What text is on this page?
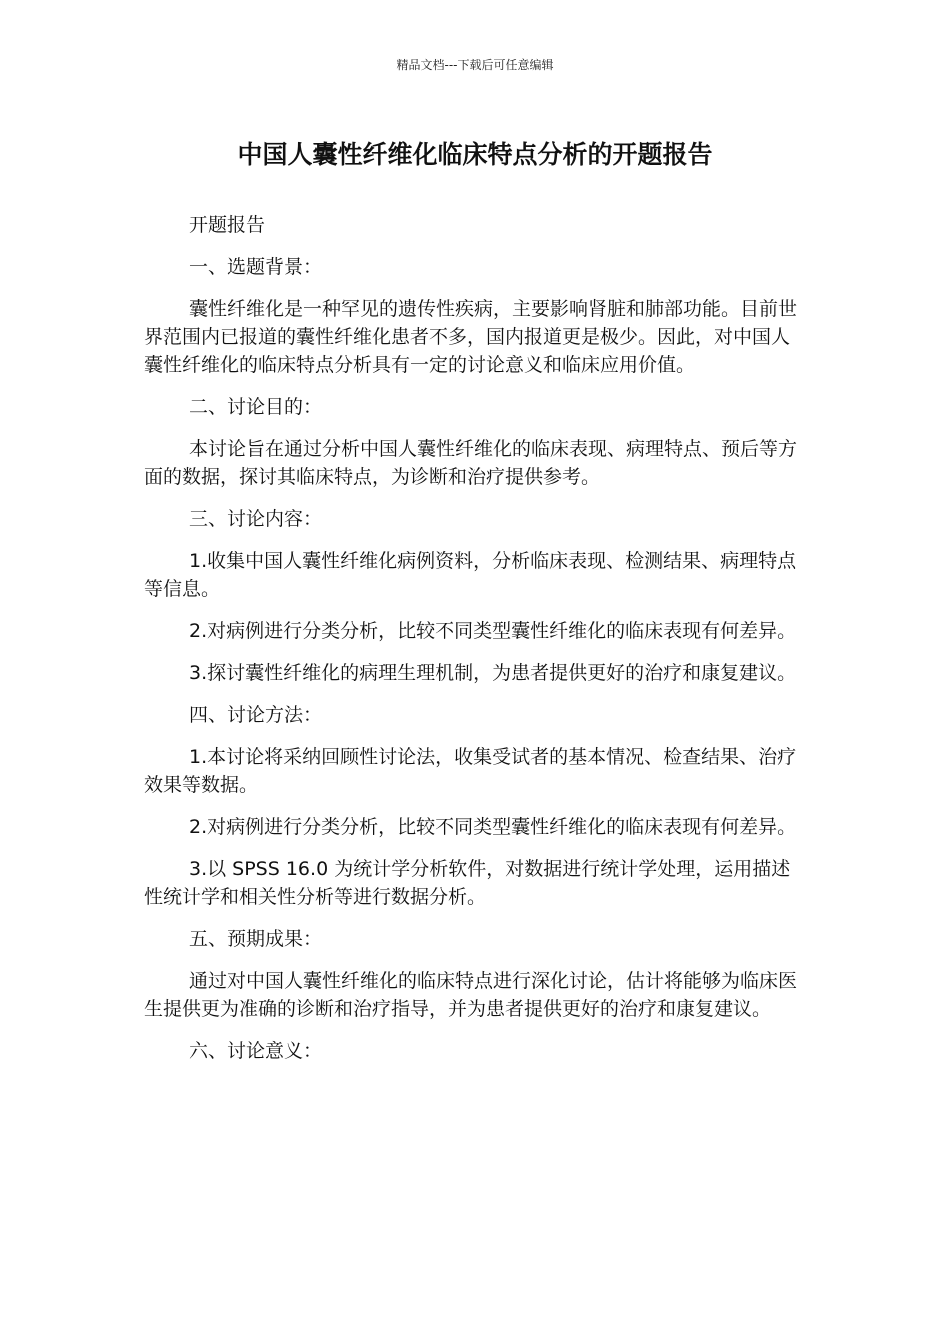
精品文档---下载后可任意编辑
中国人囊性纤维化临床特点分析的开题报告

开题报告

一、选题背景：

囊性纤维化是一种罕见的遗传性疾病，主要影响肾脏和肺部功能。目前世界范围内已报道的囊性纤维化患者不多，国内报道更是极少。因此，对中国人囊性纤维化的临床特点分析具有一定的讨论意义和临床应用价值。

二、讨论目的：

本讨论旨在通过分析中国人囊性纤维化的临床表现、病理特点、预后等方面的数据，探讨其临床特点，为诊断和治疗提供参考。

三、讨论内容：

1.收集中国人囊性纤维化病例资料，分析临床表现、检测结果、病理特点等信息。

2.对病例进行分类分析，比较不同类型囊性纤维化的临床表现有何差异。

3.探讨囊性纤维化的病理生理机制，为患者提供更好的治疗和康复建议。

四、讨论方法：

1.本讨论将采纳回顾性讨论法，收集受试者的基本情况、检查结果、治疗效果等数据。

2.对病例进行分类分析，比较不同类型囊性纤维化的临床表现有何差异。

3.以 SPSS 16.0 为统计学分析软件，对数据进行统计学处理，运用描述性统计学和相关性分析等进行数据分析。

五、预期成果：

通过对中国人囊性纤维化的临床特点进行深化讨论，估计将能够为临床医生提供更为准确的诊断和治疗指导，并为患者提供更好的治疗和康复建议。

六、讨论意义：
